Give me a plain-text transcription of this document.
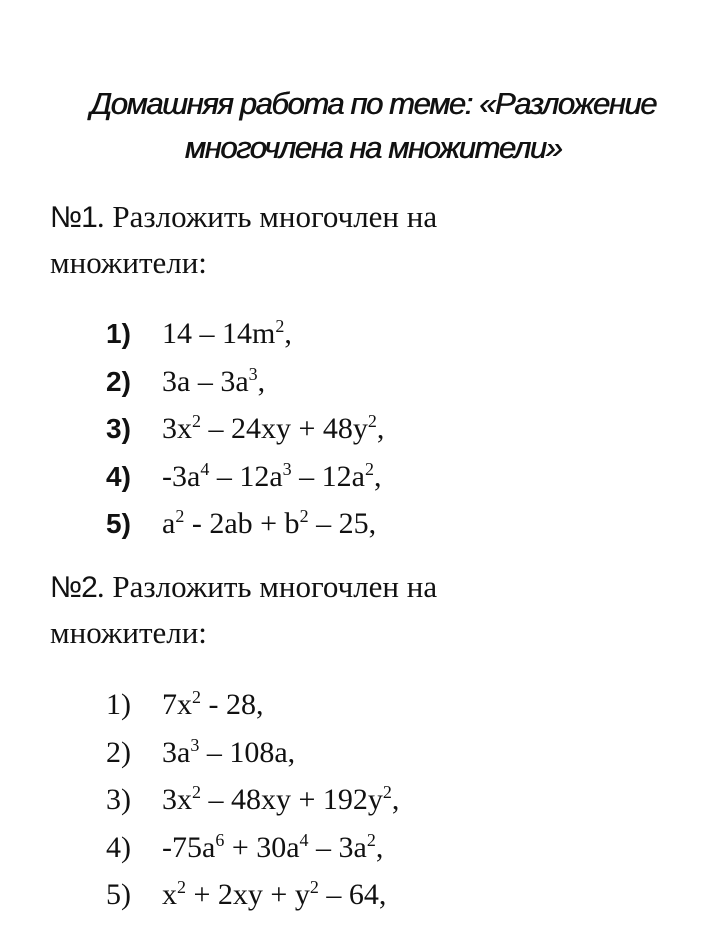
Домашняя работа по теме: «Разложение
многочлена на множители»
№1. Разложить многочлен на
множители:
1)	$14 - 14m^2$,
2)	$3a - 3a^3$,
3)	$3x^2 - 24xy + 48y^2$,
4)	$-3a^4 - 12a^3 - 12a^2$,
5)	$a^2 - 2ab + b^2 - 25$,
№2. Разложить многочлен на
множители:
1)	$7x^2 - 28$,
2)	$3a^3 - 108a$,
3)	$3x^2 - 48xy + 192y^2$,
4)	$-75a^6 + 30a^4 - 3a^2$,
5)	$x^2 + 2xy + y^2 - 64$,
